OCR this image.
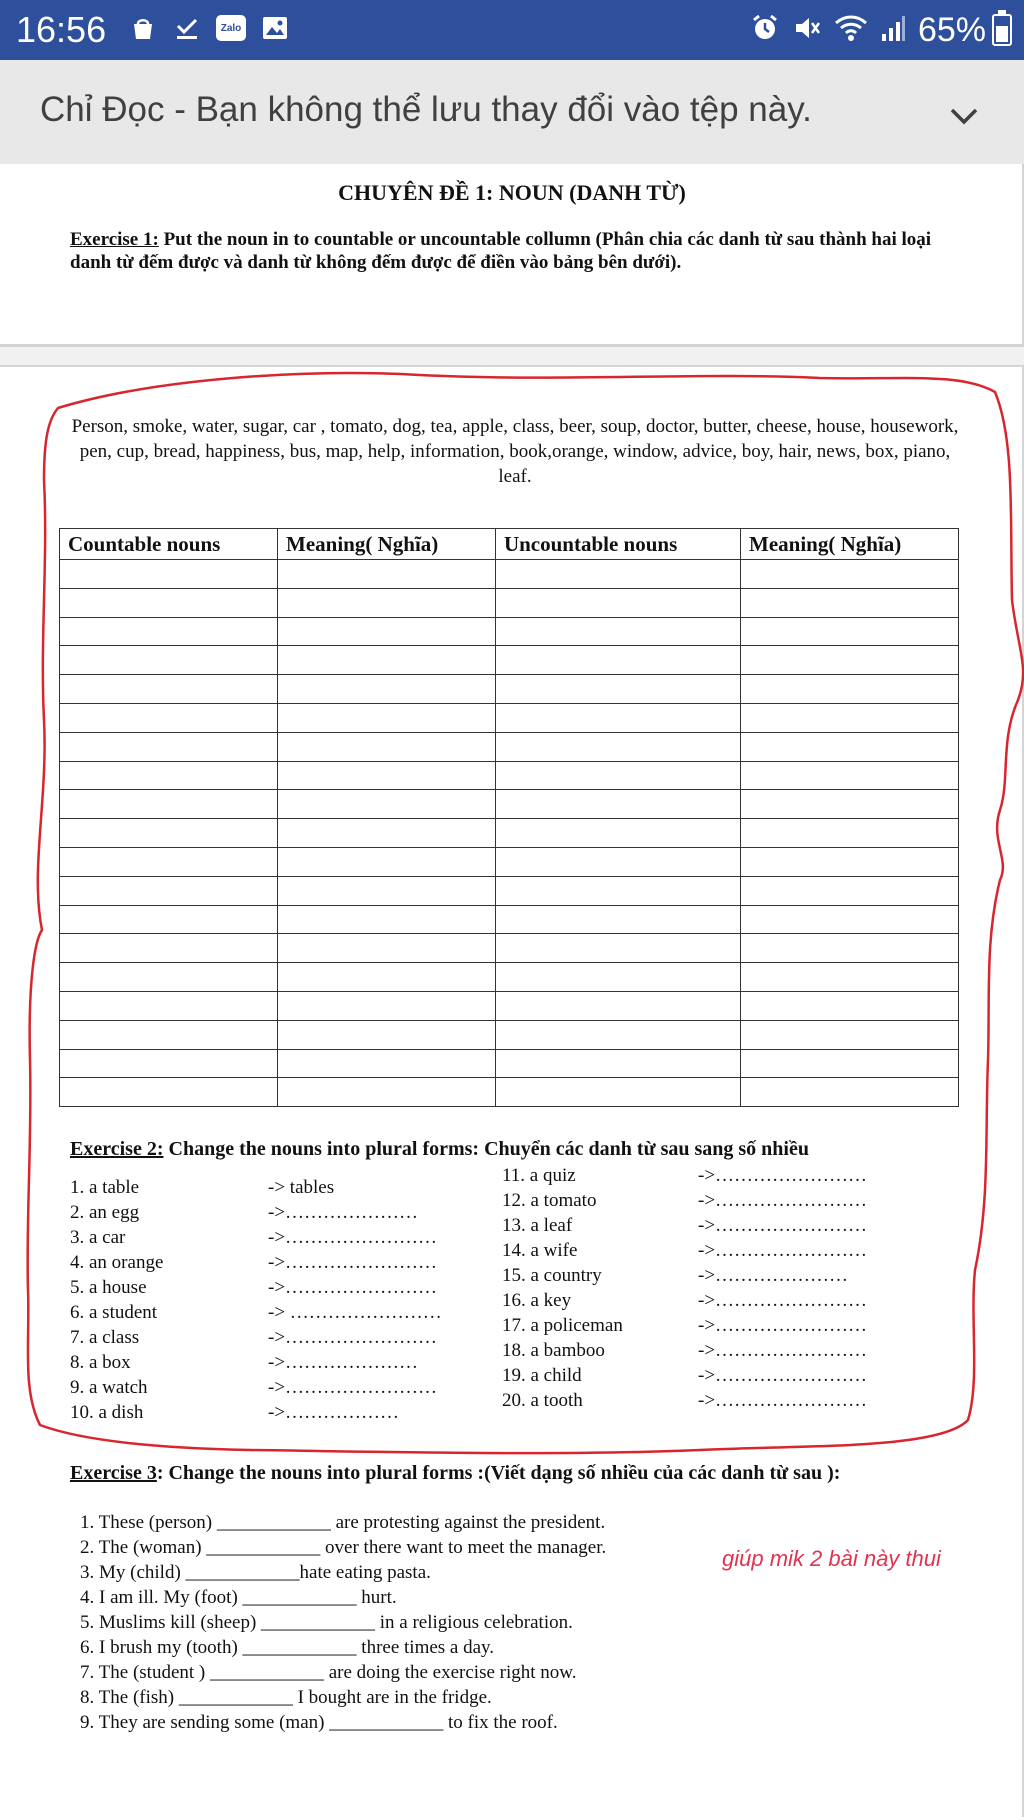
16:56	Zalo	65%
Chỉ Đọc - Bạn không thể lưu thay đổi vào tệp này.
CHUYÊN ĐỀ 1: NOUN (DANH TỪ)
Exercise 1: Put the noun in to countable or uncountable collumn (Phân chia các danh từ sau thành hai loại danh từ đếm được và danh từ không đếm được để điền vào bảng bên dưới).
Person, smoke, water, sugar, car , tomato, dog, tea, apple, class, beer, soup, doctor, butter, cheese, house, housework, pen, cup, bread, happiness, bus, map, help, information, book,orange, window, advice, boy, hair, news, box, piano, leaf.
Countable nouns	Meaning( Nghĩa)	Uncountable nouns	Meaning( Nghĩa)

Exercise 2: Change the nouns into plural forms: Chuyển các danh từ sau sang số nhiều
1. a table	-> tables
2. an egg	->…………………
3. a car	->……………………
4. an orange	->……………………
5. a house	->……………………
6. a student	-> ……………………
7. a class	->……………………
8. a box	->…………………
9. a watch	->……………………
10. a dish	->………………
11. a quiz	->……………………
12. a tomato	->……………………
13. a leaf	->……………………
14. a wife	->……………………
15. a country	->…………………
16. a key	->……………………
17. a policeman	->……………………
18. a bamboo	->……………………
19. a child	->……………………
20. a tooth	->……………………
Exercise 3: Change the nouns into plural forms :(Viết dạng số nhiều của các danh từ sau ):
1. These (person) ____________ are protesting against the president.
2. The (woman) ____________ over there want to meet the manager.
3. My (child) ____________hate eating pasta.
4. I am ill. My (foot) ____________ hurt.
5. Muslims kill (sheep) ____________ in a religious celebration.
6. I brush my (tooth) ____________ three times a day.
7. The (student ) ____________ are doing the exercise right now.
8. The (fish) ____________ I bought are in the fridge.
9. They are sending some (man) ____________ to fix the roof.
giúp mik 2 bài này thui
